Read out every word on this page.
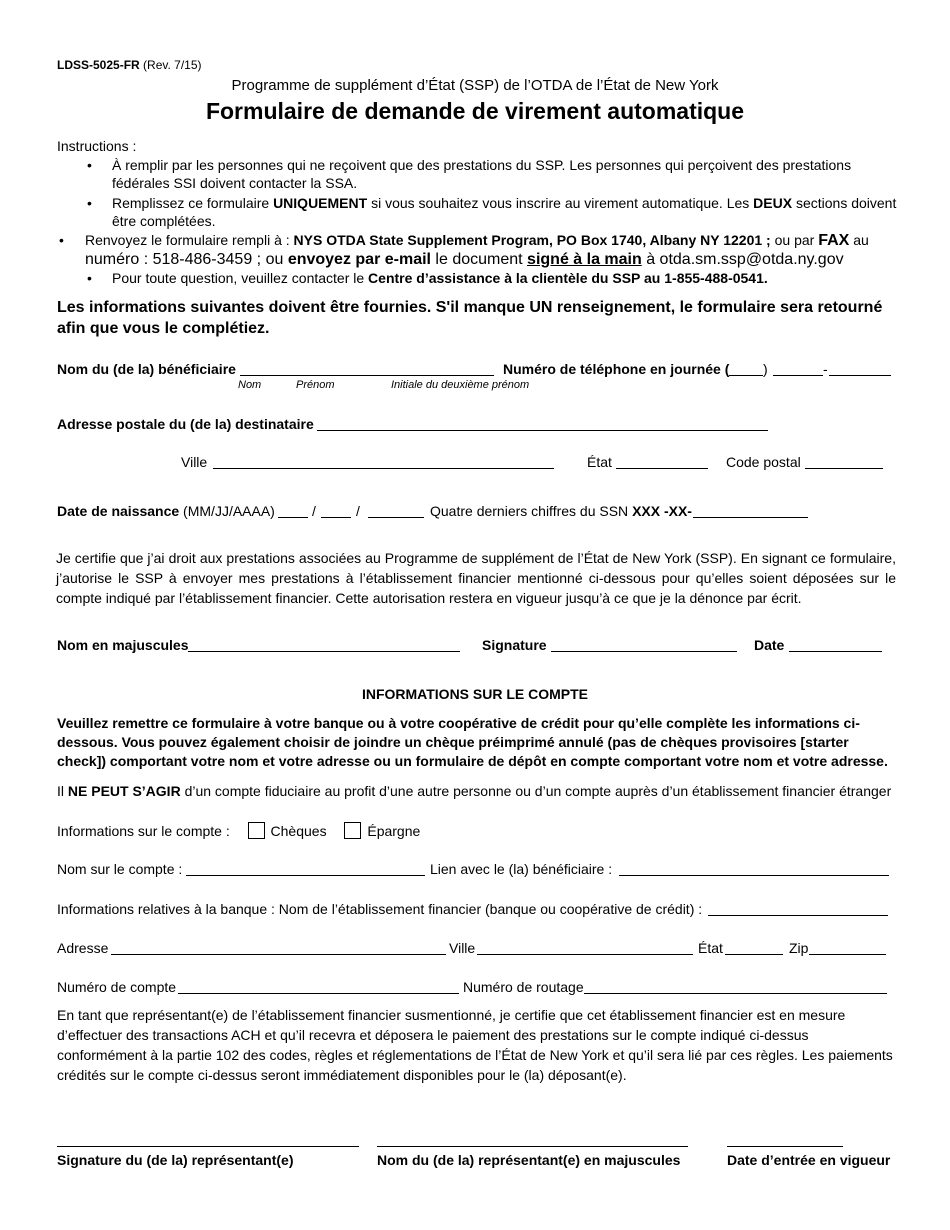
LDSS-5025-FR (Rev. 7/15)
Programme de supplément d’État (SSP) de l’OTDA de l’État de New York
Formulaire de demande de virement automatique
Instructions :
• À remplir par les personnes qui ne reçoivent que des prestations du SSP. Les personnes qui perçoivent des prestations fédérales SSI doivent contacter la SSA.
• Remplissez ce formulaire UNIQUEMENT si vous souhaitez vous inscrire au virement automatique. Les DEUX sections doivent être complétées.
• Renvoyez le formulaire rempli à : NYS OTDA State Supplement Program, PO Box 1740, Albany NY 12201 ; ou par FAX au
numéro : 518-486-3459 ; ou envoyez par e-mail le document signé à la main à otda.sm.ssp@otda.ny.gov
• Pour toute question, veuillez contacter le Centre d’assistance à la clientèle du SSP au 1-855-488-0541.
Les informations suivantes doivent être fournies. S'il manque UN renseignement, le formulaire sera retourné afin que vous le complétiez.
Nom du (de la) bénéficiaire	Numéro de téléphone en journée ( )	-
Nom	Prénom	Initiale du deuxième prénom
Adresse postale du (de la) destinataire
Ville	État	Code postal
Date de naissance (MM/JJ/AAAA)	/	/	Quatre derniers chiffres du SSN XXX -XX-
Je certifie que j’ai droit aux prestations associées au Programme de supplément de l’État de New York (SSP). En signant ce formulaire, j’autorise le SSP à envoyer mes prestations à l’établissement financier mentionné ci-dessous pour qu’elles soient déposées sur le compte indiqué par l’établissement financier. Cette autorisation restera en vigueur jusqu’à ce que je la dénonce par écrit.
Nom en majuscules	Signature	Date
INFORMATIONS SUR LE COMPTE
Veuillez remettre ce formulaire à votre banque ou à votre coopérative de crédit pour qu’elle complète les informations ci-dessous. Vous pouvez également choisir de joindre un chèque préimprimé annulé (pas de chèques provisoires [starter check]) comportant votre nom et votre adresse ou un formulaire de dépôt en compte comportant votre nom et votre adresse.
Il NE PEUT S’AGIR d’un compte fiduciaire au profit d’une autre personne ou d’un compte auprès d’un établissement financier étranger
Informations sur le compte :	Chèques	Épargne
Nom sur le compte :	Lien avec le (la) bénéficiaire :
Informations relatives à la banque : Nom de l’établissement financier (banque ou coopérative de crédit) :
Adresse	Ville	État	Zip
Numéro de compte	Numéro de routage
En tant que représentant(e) de l’établissement financier susmentionné, je certifie que cet établissement financier est en mesure d’effectuer des transactions ACH et qu’il recevra et déposera le paiement des prestations sur le compte indiqué ci-dessus conformément à la partie 102 des codes, règles et réglementations de l’État de New York et qu’il sera lié par ces règles. Les paiements crédités sur le compte ci-dessus seront immédiatement disponibles pour le (la) déposant(e).
Signature du (de la) représentant(e)	Nom du (de la) représentant(e) en majuscules	Date d’entrée en vigueur
